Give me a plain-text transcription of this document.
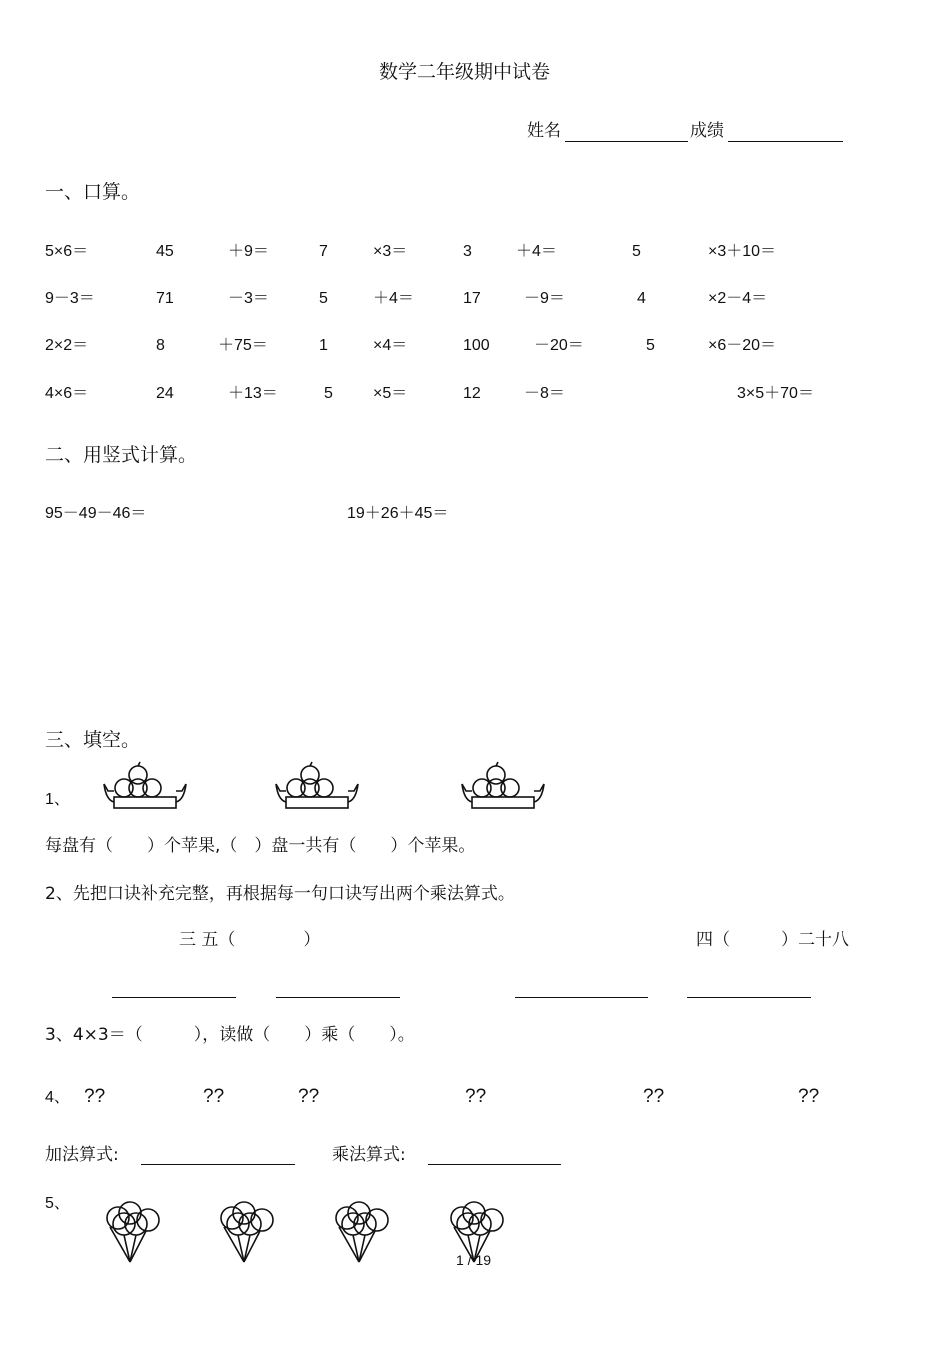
数学二年级期中试卷
姓名	成绩
一、口算。
5×6＝	45	＋9＝	7	×3＝	3	＋4＝	5	×3＋10＝
9－3＝	71	－3＝	5	＋4＝	17	－9＝	4	×2－4＝
2×2＝	8	＋75＝	1	×4＝	100	－20＝	5	×6－20＝
4×6＝	24	＋13＝	5	×5＝	12	－8＝	3×5＋70＝
二、用竖式计算。
95－49－46＝	19＋26＋45＝
三、填空。
1、
每盘有（　　）个苹果,（　）盘一共有（　　）个苹果。
2、先把口诀补充完整，再根据每一句口诀写出两个乘法算式。
三 五（　　　　）	四（　　　）二十八
3、4×3＝（　　　），读做（　　）乘（　　）。
4、 ??	??	??	??	??	??
加法算式:	乘法算式:
5、
1 / 19
